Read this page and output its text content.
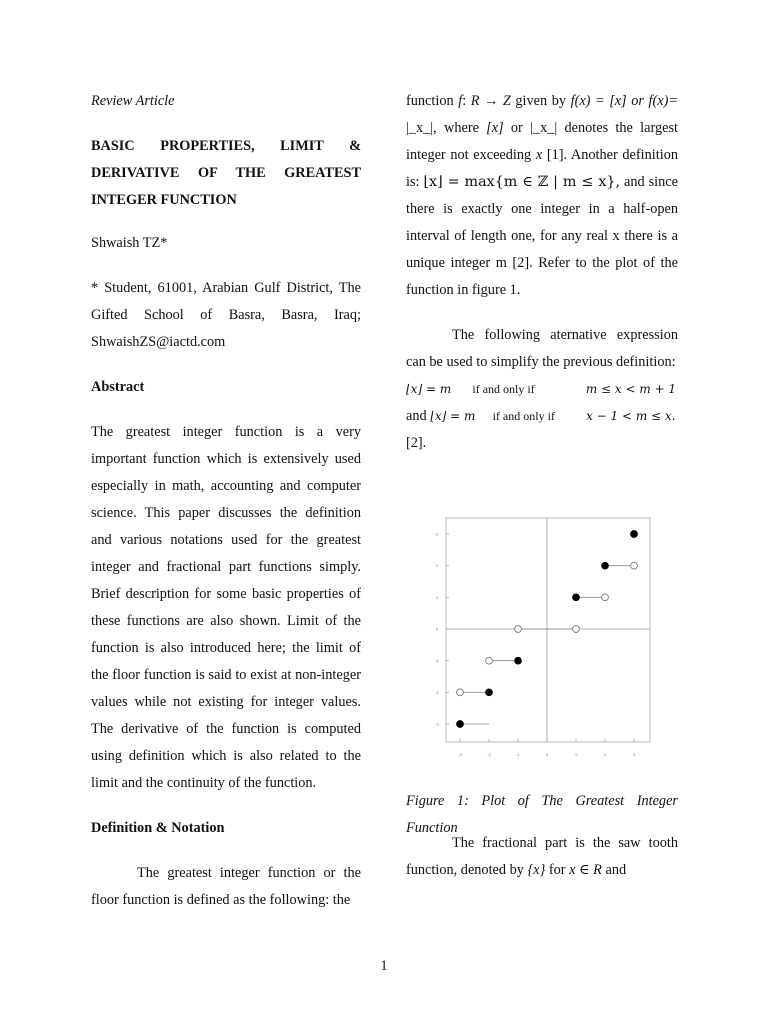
Review Article

BASIC PROPERTIES, LIMIT & DERIVATIVE OF THE GREATEST INTEGER FUNCTION

Shwaish TZ*

* Student, 61001, Arabian Gulf District, The Gifted School of Basra, Basra, Iraq; ShwaishZS@iactd.com

Abstract

The greatest integer function is a very important function which is extensively used especially in math, accounting and computer science. This paper discusses the definition and various notations used for the greatest integer and fractional part functions simply. Brief description for some basic properties of these functions are also shown. Limit of the function is also introduced here; the limit of the floor function is said to exist at non-integer values while not existing for integer values. The derivative of the function is computed using definition which is also related to the limit and the continuity of the function.

Definition & Notation

The greatest integer function or the floor function is defined as the following: the

function f: R → Z given by f(x) = [x] or f(x)= |_x_|, where [x] or |_x_| denotes the largest integer not exceeding x [1]. Another definition is: ⌊x⌋ = max{m ∈ ℤ | m ≤ x}, and since there is exactly one integer in a half-open interval of length one, for any real x there is a unique integer m [2]. Refer to the plot of the function in figure 1.

The following aternative expression can be used to simplify the previous definition:

⌊x⌋ = m if and only if	m ≤ x < m + 1
and ⌊x⌋ = m if and only if	x − 1 < m ≤ x.

[2].

-3	-2	-1	0	1	2	3
3
2
1
0
-1
-2
-3

Figure 1: Plot of The Greatest Integer Function

The fractional part is the saw tooth function, denoted by {x} for x ∈ R and

1
